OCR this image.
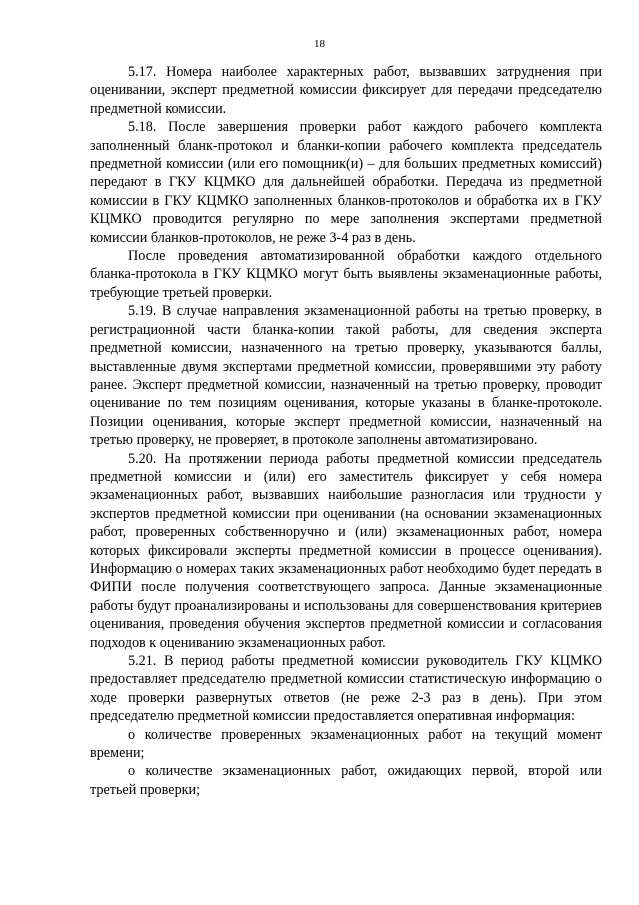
18

5.17. Номера наиболее характерных работ, вызвавших затруднения при оценивании, эксперт предметной комиссии фиксирует для передачи председателю предметной комиссии.

5.18. После завершения проверки работ каждого рабочего комплекта заполненный бланк-протокол и бланки-копии рабочего комплекта председатель предметной комиссии (или его помощник(и) – для больших предметных комиссий) передают в ГКУ КЦМКО для дальнейшей обработки. Передача из предметной комиссии в ГКУ КЦМКО заполненных бланков-протоколов и обработка их в ГКУ КЦМКО проводится регулярно по мере заполнения экспертами предметной комиссии бланков-протоколов, не реже 3-4 раз в день.

После проведения автоматизированной обработки каждого отдельного бланка-протокола в ГКУ КЦМКО могут быть выявлены экзаменационные работы, требующие третьей проверки.

5.19. В случае направления экзаменационной работы на третью проверку, в регистрационной части бланка-копии такой работы, для сведения эксперта предметной комиссии, назначенного на третью проверку, указываются баллы, выставленные двумя экспертами предметной комиссии, проверявшими эту работу ранее. Эксперт предметной комиссии, назначенный на третью проверку, проводит оценивание по тем позициям оценивания, которые указаны в бланке-протоколе. Позиции оценивания, которые эксперт предметной комиссии, назначенный на третью проверку, не проверяет, в протоколе заполнены автоматизировано.

5.20. На протяжении периода работы предметной комиссии председатель предметной комиссии и (или) его заместитель фиксирует у себя номера экзаменационных работ, вызвавших наибольшие разногласия или трудности у экспертов предметной комиссии при оценивании (на основании экзаменационных работ, проверенных собственноручно и (или) экзаменационных работ, номера которых фиксировали эксперты предметной комиссии в процессе оценивания). Информацию о номерах таких экзаменационных работ необходимо будет передать в ФИПИ после получения соответствующего запроса. Данные экзаменационные работы будут проанализированы и использованы для совершенствования критериев оценивания, проведения обучения экспертов предметной комиссии и согласования подходов к оцениванию экзаменационных работ.

5.21. В период работы предметной комиссии руководитель ГКУ КЦМКО предоставляет председателю предметной комиссии статистическую информацию о ходе проверки развернутых ответов (не реже 2-3 раз в день). При этом председателю предметной комиссии предоставляется оперативная информация:

о количестве проверенных экзаменационных работ на текущий момент времени;

о количестве экзаменационных работ, ожидающих первой, второй или третьей проверки;
